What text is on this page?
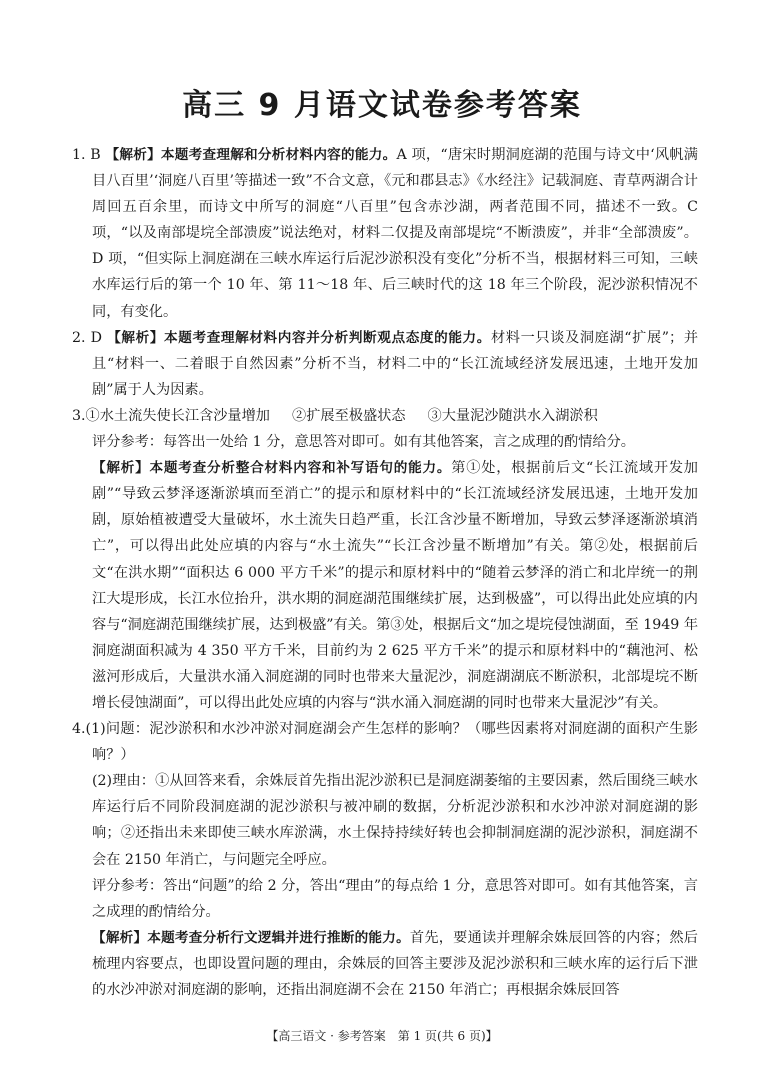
高三 9 月语文试卷参考答案

1. B 【解析】本题考查理解和分析材料内容的能力。A 项，“唐宋时期洞庭湖的范围与诗文中‘风帆满目八百里’‘洞庭八百里’等描述一致”不合文意，《元和郡县志》《水经注》记载洞庭、青草两湖合计周回五百余里，而诗文中所写的洞庭“八百里”包含赤沙湖，两者范围不同，描述不一致。C 项，“以及南部堤垸全部溃废”说法绝对，材料二仅提及南部堤垸“不断溃废”，并非“全部溃废”。D 项，“但实际上洞庭湖在三峡水库运行后泥沙淤积没有变化”分析不当，根据材料三可知，三峡水库运行后的第一个 10 年、第 11～18 年、后三峡时代的这 18 年三个阶段，泥沙淤积情况不同，有变化。

2. D 【解析】本题考查理解材料内容并分析判断观点态度的能力。材料一只谈及洞庭湖“扩展”；并且“材料一、二着眼于自然因素”分析不当，材料二中的“长江流域经济发展迅速，土地开发加剧”属于人为因素。

3.①水土流失使长江含沙量增加 ②扩展至极盛状态 ③大量泥沙随洪水入湖淤积

评分参考：每答出一处给 1 分，意思答对即可。如有其他答案，言之成理的酌情给分。

【解析】本题考查分析整合材料内容和补写语句的能力。第①处，根据前后文“长江流域开发加剧”“导致云梦泽逐渐淤填而至消亡”的提示和原材料中的“长江流域经济发展迅速，土地开发加剧，原始植被遭受大量破坏，水土流失日趋严重，长江含沙量不断增加，导致云梦泽逐渐淤填消亡”，可以得出此处应填的内容与“水土流失”“长江含沙量不断增加”有关。第②处，根据前后文“在洪水期”“面积达 6 000 平方千米”的提示和原材料中的“随着云梦泽的消亡和北岸统一的荆江大堤形成，长江水位抬升，洪水期的洞庭湖范围继续扩展，达到极盛”，可以得出此处应填的内容与“洞庭湖范围继续扩展，达到极盛”有关。第③处，根据后文“加之堤垸侵蚀湖面，至 1949 年洞庭湖面积减为 4 350 平方千米，目前约为 2 625 平方千米”的提示和原材料中的“藕池河、松滋河形成后，大量洪水涌入洞庭湖的同时也带来大量泥沙，洞庭湖湖底不断淤积，北部堤垸不断增长侵蚀湖面”，可以得出此处应填的内容与“洪水涌入洞庭湖的同时也带来大量泥沙”有关。

4.(1)问题：泥沙淤积和水沙冲淤对洞庭湖会产生怎样的影响？（哪些因素将对洞庭湖的面积产生影响？）

(2)理由：①从回答来看，余姝辰首先指出泥沙淤积已是洞庭湖萎缩的主要因素，然后围绕三峡水库运行后不同阶段洞庭湖的泥沙淤积与被冲刷的数据，分析泥沙淤积和水沙冲淤对洞庭湖的影响；②还指出未来即使三峡水库淤满，水土保持持续好转也会抑制洞庭湖的泥沙淤积，洞庭湖不会在 2150 年消亡，与问题完全呼应。

评分参考：答出“问题”的给 2 分，答出“理由”的每点给 1 分，意思答对即可。如有其他答案，言之成理的酌情给分。

【解析】本题考查分析行文逻辑并进行推断的能力。首先，要通读并理解余姝辰回答的内容；然后梳理内容要点，也即设置问题的理由，余姝辰的回答主要涉及泥沙淤积和三峡水库的运行后下泄的水沙冲淤对洞庭湖的影响，还指出洞庭湖不会在 2150 年消亡；再根据余姝辰回答

【高三语文 · 参考答案　第 1 页(共 6 页)】
